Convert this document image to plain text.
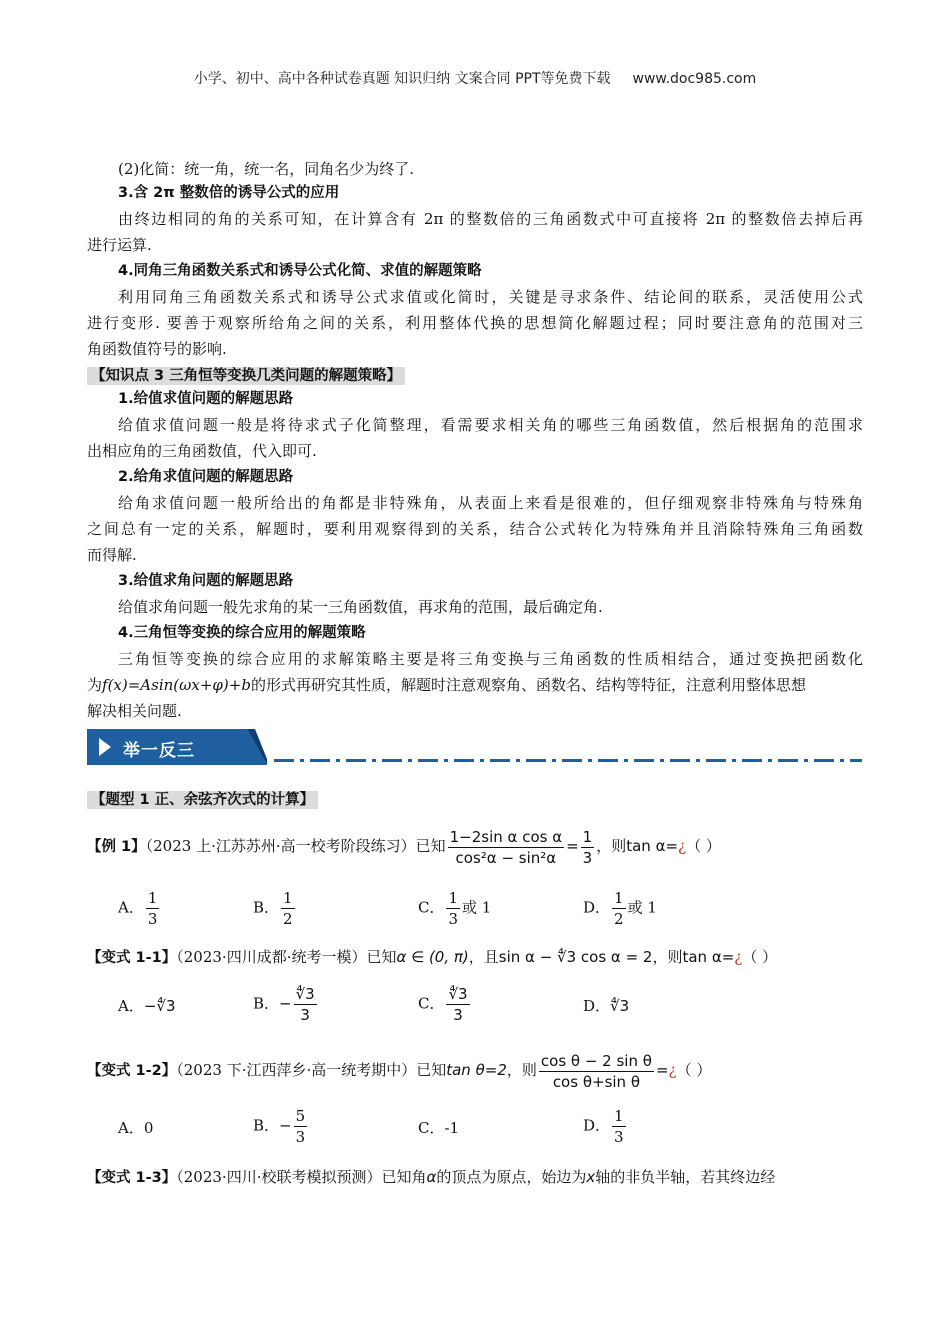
小学、初中、高中各种试卷真题 知识归纳 文案合同 PPT等免费下载 www.doc985.com
(2)化简：统一角，统一名，同角名少为终了.
3.含 2π 整数倍的诱导公式的应用
由终边相同的角的关系可知，在计算含有 2π 的整数倍的三角函数式中可直接将 2π 的整数倍去掉后再
进行运算.
4.同角三角函数关系式和诱导公式化简、求值的解题策略
利用同角三角函数关系式和诱导公式求值或化简时，关键是寻求条件、结论间的联系，灵活使用公式
进行变形. 要善于观察所给角之间的关系，利用整体代换的思想简化解题过程；同时要注意角的范围对三
角函数值符号的影响.
【知识点 3 三角恒等变换几类问题的解题策略】
1.给值求值问题的解题思路
给值求值问题一般是将待求式子化简整理，看需要求相关角的哪些三角函数值，然后根据角的范围求
出相应角的三角函数值，代入即可.
2.给角求值问题的解题思路
给角求值问题一般所给出的角都是非特殊角，从表面上来看是很难的，但仔细观察非特殊角与特殊角
之间总有一定的关系，解题时，要利用观察得到的关系，结合公式转化为特殊角并且消除特殊角三角函数
而得解.
3.给值求角问题的解题思路
给值求角问题一般先求角的某一三角函数值，再求角的范围，最后确定角.
4.三角恒等变换的综合应用的解题策略
三角恒等变换的综合应用的求解策略主要是将三角变换与三角函数的性质相结合，通过变换把函数化
为f(x)=Asin(ωx+φ)+b的形式再研究其性质，解题时注意观察角、函数名、结构等特征，注意利用整体思想
解决相关问题.
举一反三
【题型 1 正、余弦齐次式的计算】
【例 1】（2023 上·江苏苏州·高一校考阶段练习）已知 $\frac{\text{1−2sin α cos α}}{\text{cos²α − sin²α}} = \frac{1}{3}$ ，则tan α=¿（ ）
A． $\frac{1}{3}$	B． $\frac{1}{2}$	C． $\frac{1}{3}$ 或 1	D． $\frac{1}{2}$ 或 1
【变式 1-1】（2023·四川成都·统考一模）已知α ∈ (0, π)，且sin α − ∜3 cos α = 2，则tan α=¿（ ）
A．−∜3	B．− $\frac{∜3}{3}$	C． $\frac{∜3}{3}$	D．∜3
【变式 1-2】（2023 下·江西萍乡·高一统考期中）已知tan θ=2，则 $\frac{\text{cos θ − 2 sin θ}}{\text{cos θ+sin θ}}$ =¿（ ）
A．0	B．− $\frac{5}{3}$	C．-1	D． $\frac{1}{3}$
【变式 1-3】（2023·四川·校联考模拟预测）已知角α的顶点为原点，始边为x轴的非负半轴，若其终边经
